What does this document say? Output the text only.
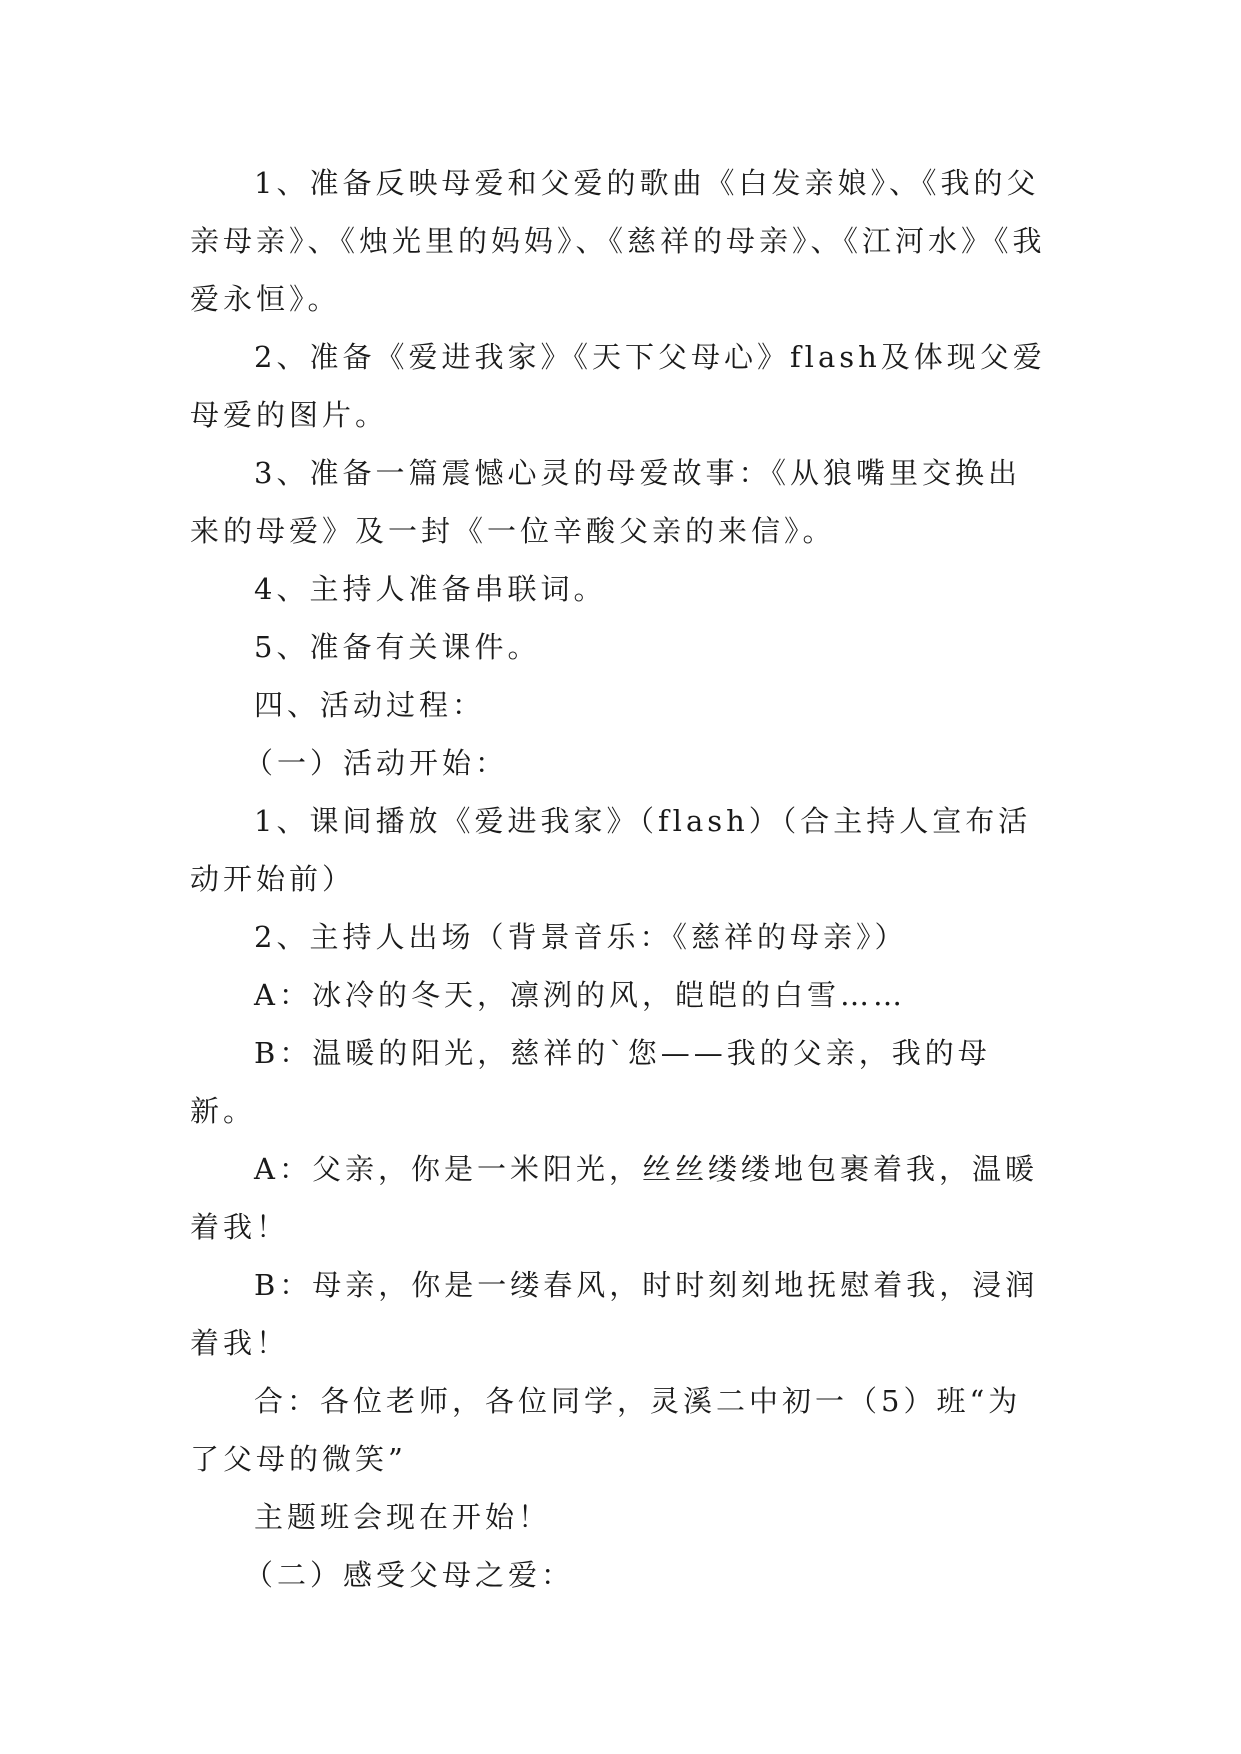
1、准备反映母爱和父爱的歌曲《白发亲娘》、《我的父亲母亲》、《烛光里的妈妈》、《慈祥的母亲》、《江河水》《我爱永恒》。

2、准备《爱进我家》《天下父母心》flash及体现父爱母爱的图片。

3、准备一篇震憾心灵的母爱故事：《从狼嘴里交换出来的母爱》及一封《一位辛酸父亲的来信》。

4、主持人准备串联词。

5、准备有关课件。

四、活动过程：

（一）活动开始：

1、课间播放《爱进我家》（flash）（合主持人宣布活动开始前）

2、主持人出场（背景音乐：《慈祥的母亲》）

A：冰冷的冬天，凛洌的风，皑皑的白雪……

B：温暖的阳光，慈祥的`您——我的父亲，我的母新。

A：父亲，你是一米阳光，丝丝缕缕地包裹着我，温暖着我！

B：母亲，你是一缕春风，时时刻刻地抚慰着我，浸润着我！

合：各位老师，各位同学，灵溪二中初一（5）班“为了父母的微笑”

主题班会现在开始！

（二）感受父母之爱：
